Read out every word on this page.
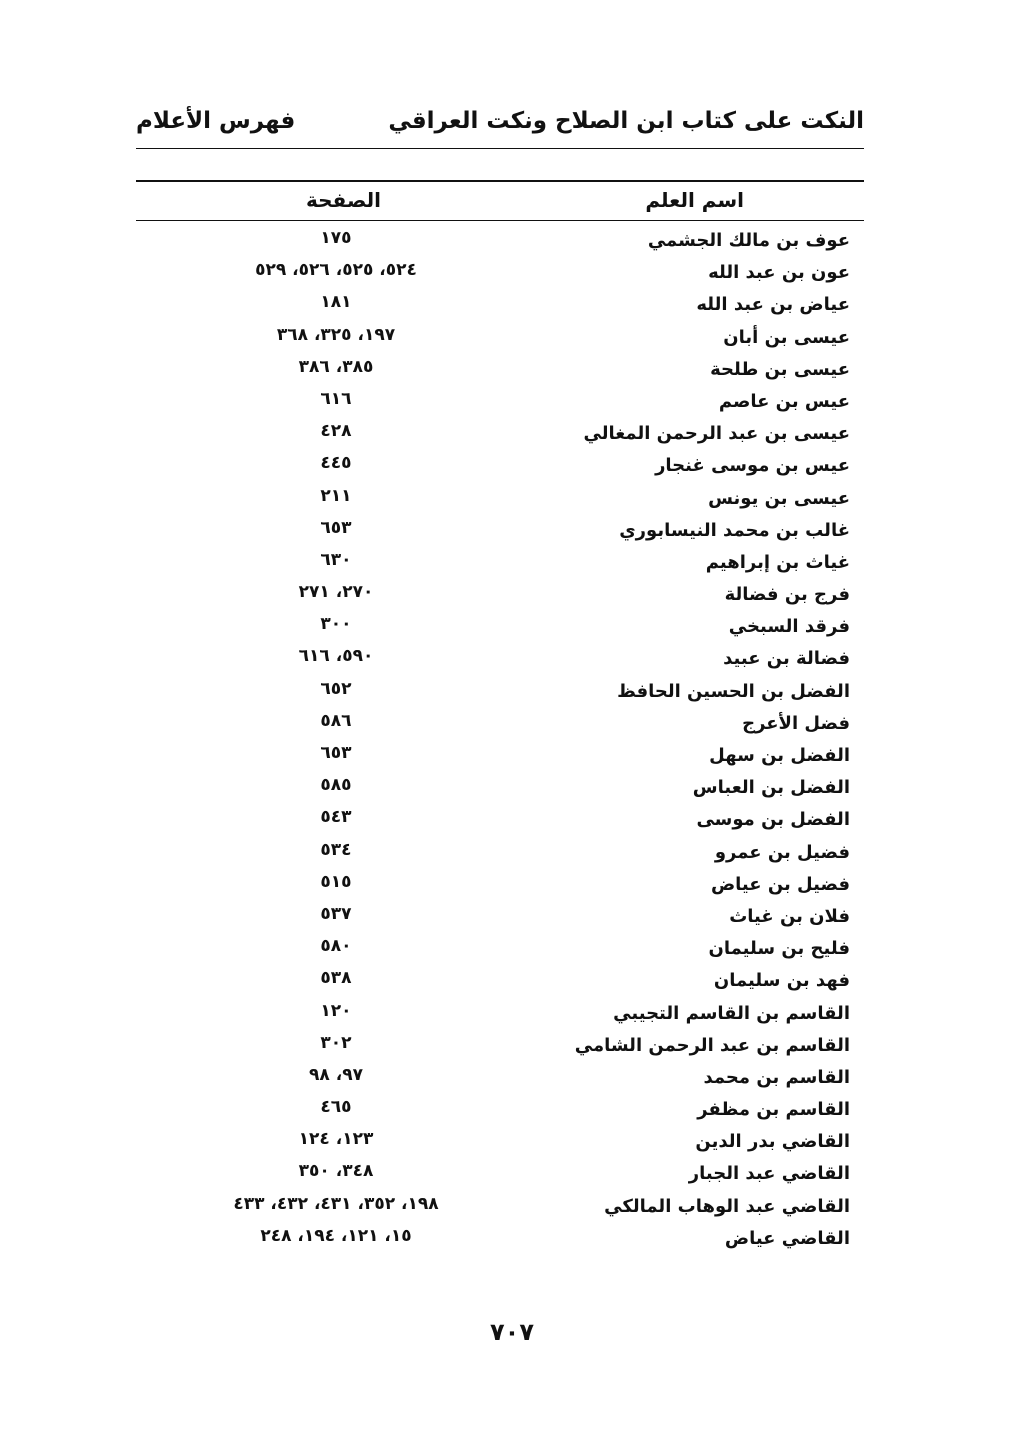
النكت على كتاب ابن الصلاح ونكت العراقي
فهرس الأعلام
اسم العلم
الصفحة
عوف بن مالك الجشمي
١٧٥
عون بن عبد الله
٥٢٤، ٥٢٥، ٥٢٦، ٥٢٩
عياض بن عبد الله
١٨١
عيسى بن أبان
١٩٧، ٣٢٥، ٣٦٨
عيسى بن طلحة
٣٨٥، ٣٨٦
عيس بن عاصم
٦١٦
عيسى بن عبد الرحمن المغالي
٤٢٨
عيس بن موسى غنجار
٤٤٥
عيسى بن يونس
٢١١
غالب بن محمد النيسابوري
٦٥٣
غياث بن إبراهيم
٦٣٠
فرج بن فضالة
٢٧٠، ٢٧١
فرقد السبخي
٣٠٠
فضالة بن عبيد
٥٩٠، ٦١٦
الفضل بن الحسين الحافظ
٦٥٢
فضل الأعرج
٥٨٦
الفضل بن سهل
٦٥٣
الفضل بن العباس
٥٨٥
الفضل بن موسى
٥٤٣
فضيل بن عمرو
٥٣٤
فضيل بن عياض
٥١٥
فلان بن غياث
٥٣٧
فليح بن سليمان
٥٨٠
فهد بن سليمان
٥٣٨
القاسم بن القاسم التجيبي
١٢٠
القاسم بن عبد الرحمن الشامي
٣٠٢
القاسم بن محمد
٩٧، ٩٨
القاسم بن مظفر
٤٦٥
القاضي بدر الدين
١٢٣، ١٢٤
القاضي عبد الجبار
٣٤٨، ٣٥٠
القاضي عبد الوهاب المالكي
١٩٨، ٣٥٢، ٤٣١، ٤٣٢، ٤٣٣
القاضي عياض
١٥، ١٢١، ١٩٤، ٢٤٨
٧٠٧
